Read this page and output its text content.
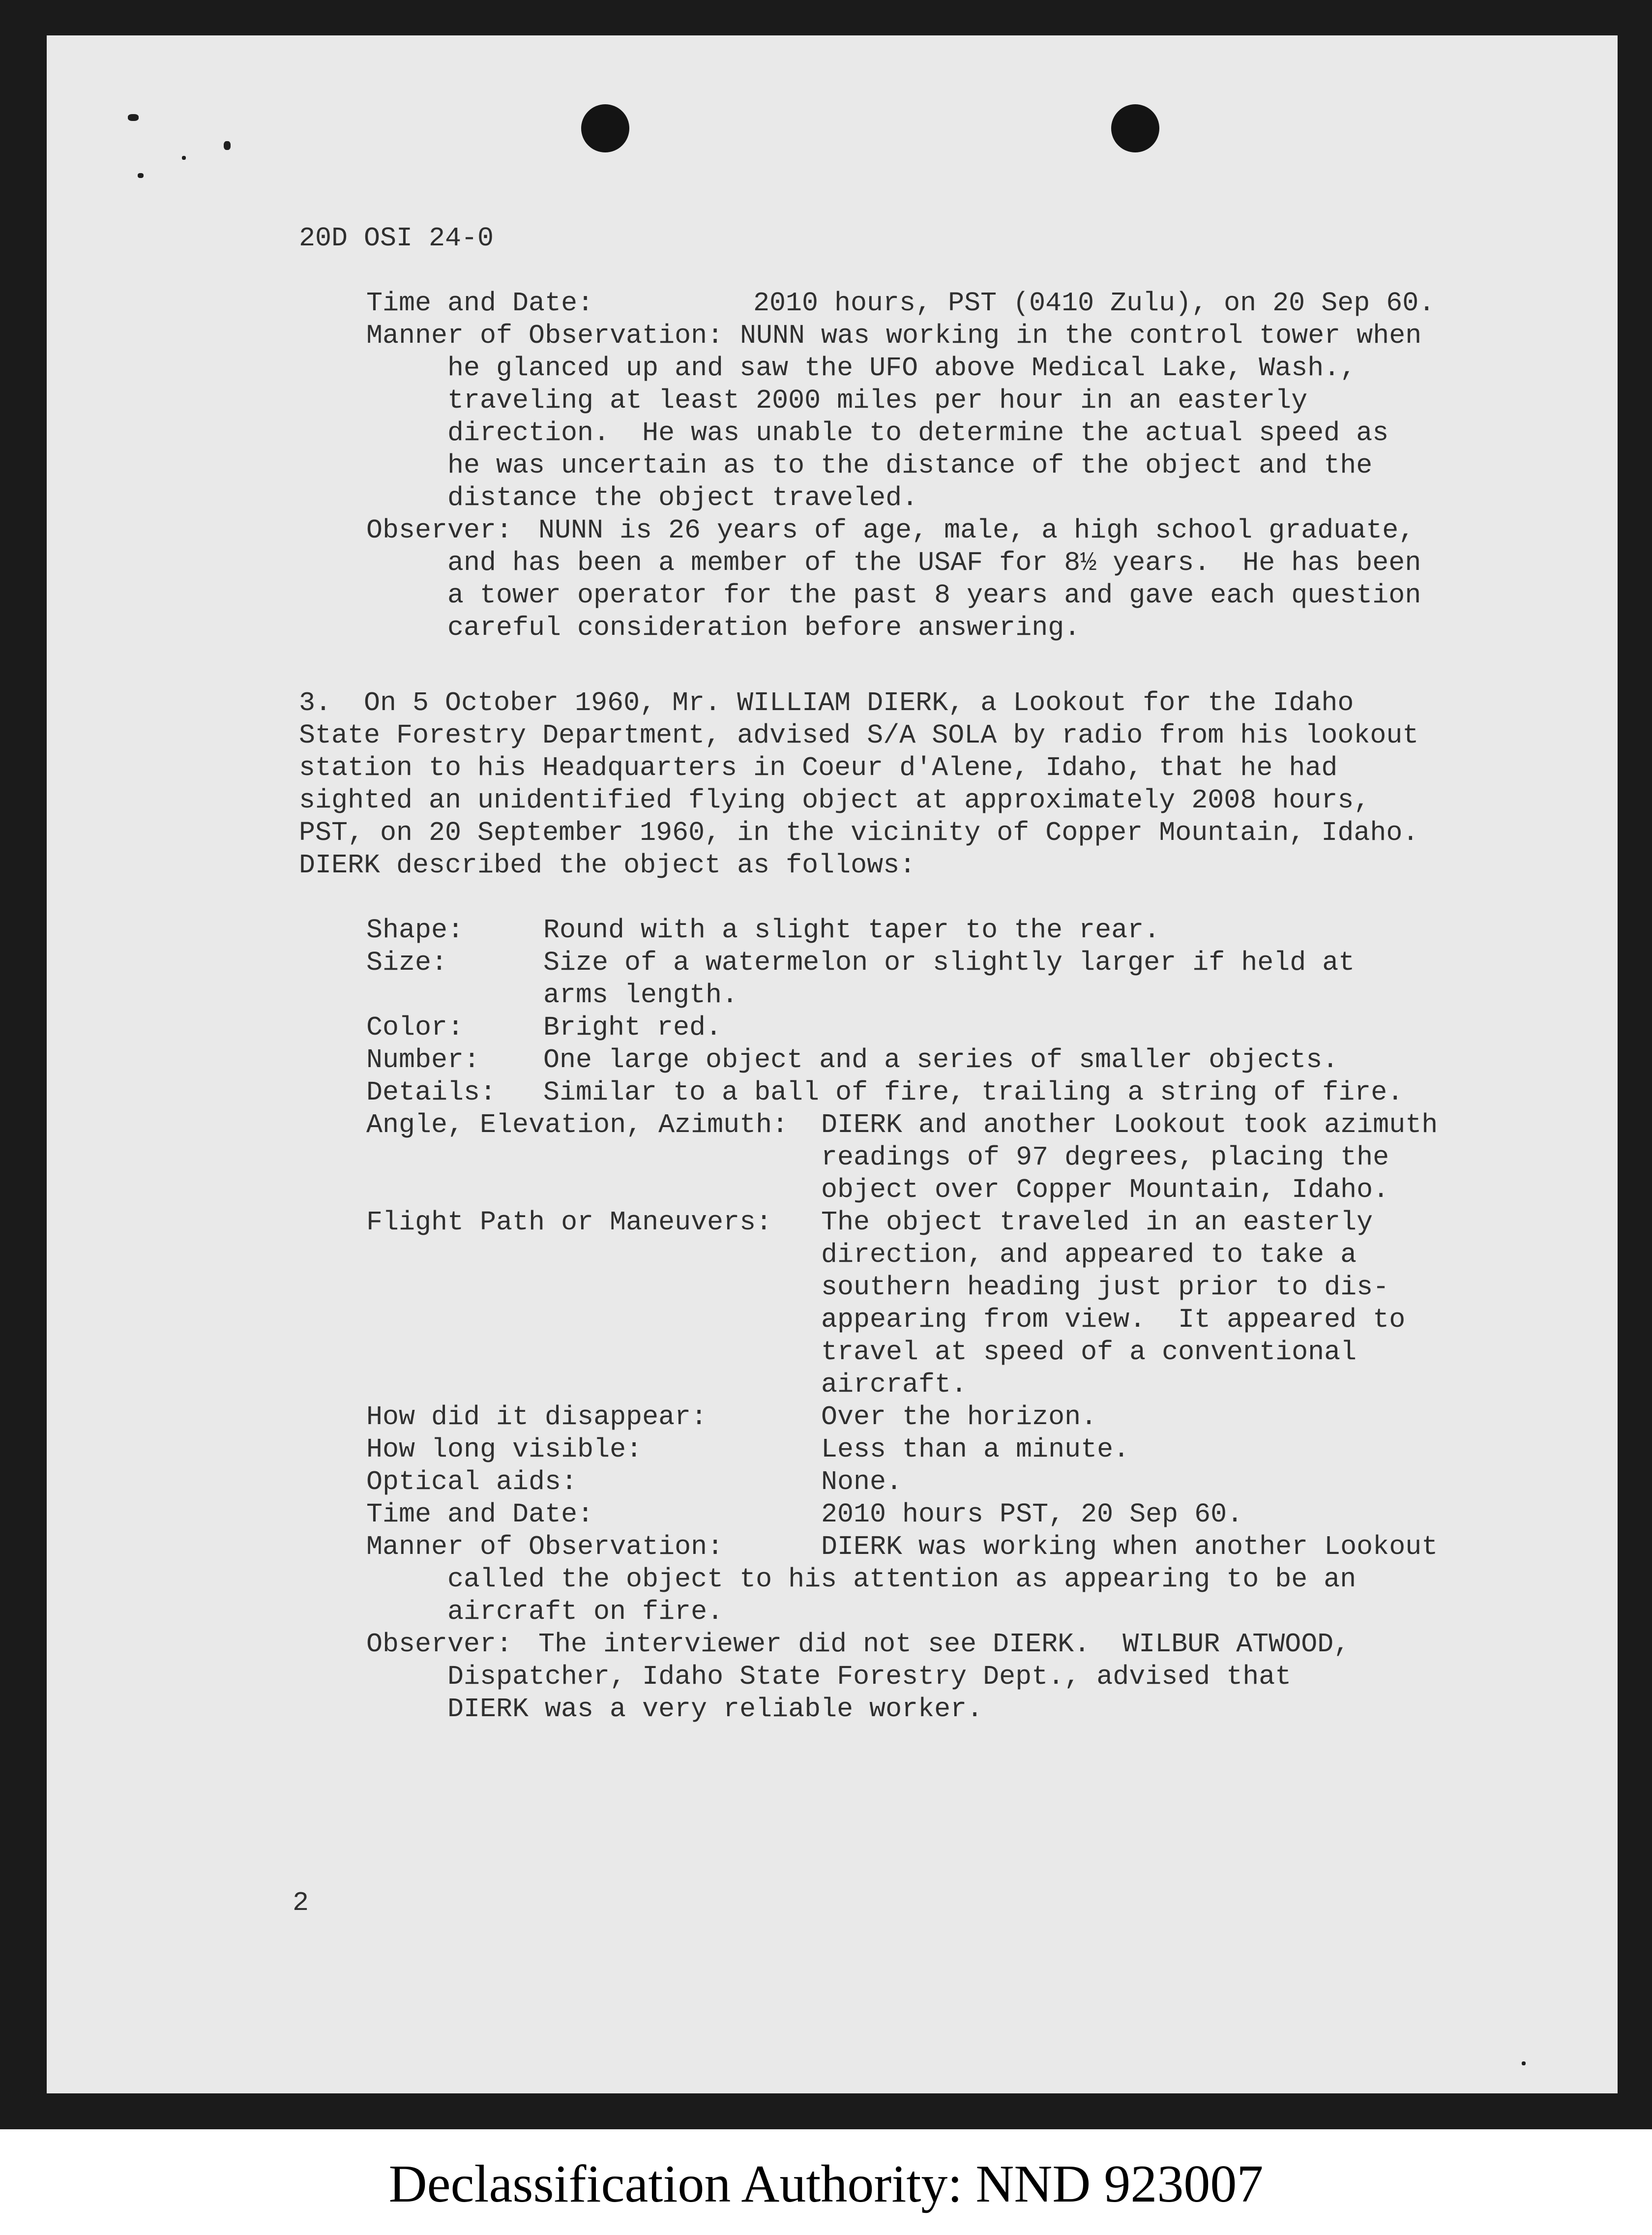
20D OSI 24-0
Time and Date:	2010 hours, PST (0410 Zulu), on 20 Sep 60.
Manner of Observation: NUNN was working in the control tower when
he glanced up and saw the UFO above Medical Lake, Wash.,
traveling at least 2000 miles per hour in an easterly
direction.  He was unable to determine the actual speed as
he was uncertain as to the distance of the object and the
distance the object traveled.
Observer: NUNN is 26 years of age, male, a high school graduate,
and has been a member of the USAF for 8½ years.  He has been
a tower operator for the past 8 years and gave each question
careful consideration before answering.
3.  On 5 October 1960, Mr. WILLIAM DIERK, a Lookout for the Idaho
State Forestry Department, advised S/A SOLA by radio from his lookout
station to his Headquarters in Coeur d'Alene, Idaho, that he had
sighted an unidentified flying object at approximately 2008 hours,
PST, on 20 September 1960, in the vicinity of Copper Mountain, Idaho.
DIERK described the object as follows:
Shape:	Round with a slight taper to the rear.
Size:	Size of a watermelon or slightly larger if held at
arms length.
Color:	Bright red.
Number: One large object and a series of smaller objects.
Details: Similar to a ball of fire, trailing a string of fire.
Angle, Elevation, Azimuth: DIERK and another Lookout took azimuth
readings of 97 degrees, placing the
object over Copper Mountain, Idaho.
Flight Path or Maneuvers: The object traveled in an easterly
direction, and appeared to take a
southern heading just prior to dis-
appearing from view.  It appeared to
travel at speed of a conventional
aircraft.
How did it disappear:	Over the horizon.
How long visible:	Less than a minute.
Optical aids:	None.
Time and Date:	2010 hours PST, 20 Sep 60.
Manner of Observation:	DIERK was working when another Lookout
called the object to his attention as appearing to be an
aircraft on fire.
Observer: The interviewer did not see DIERK.  WILBUR ATWOOD,
Dispatcher, Idaho State Forestry Dept., advised that
DIERK was a very reliable worker.
2
Declassification Authority: NND 923007
